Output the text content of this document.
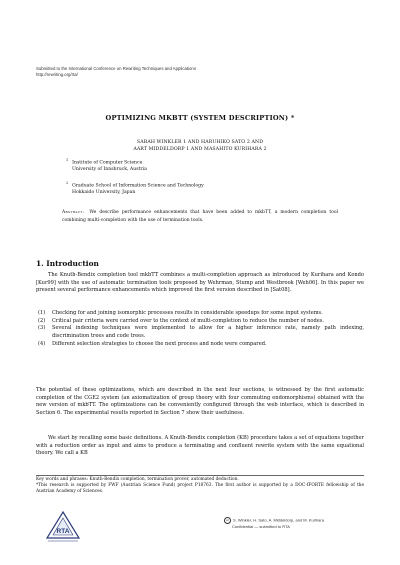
Submitted to the International Conference on Rewriting Techniques and Applications
http://rewriting.org/rta/
OPTIMIZING MKBTT (SYSTEM DESCRIPTION) *
SARAH WINKLER 1 AND HARUHIKO SATO 2 AND
AART MIDDELDORP 1 AND MASAHITO KURIHARA 2
$^1$Institute of Computer Science
University of Innsbruck, Austria
$^2$Graduate School of Information Science and Technology
Hokkaido University, Japan
Abstract. We describe performance enhancements that have been added to mkbTT, a modern completion tool combining multi-completion with the use of termination tools.
1. Introduction
The Knuth-Bendix completion tool mkbTT combines a multi-completion approach as introduced by Kurihara and Kondo [Kur99] with the use of automatic termination tools proposed by Wehrman, Stump and Westbrook [Weh06]. In this paper we present several performance enhancements which improved the first version described in [Sat08].
(1)	Checking for and joining isomorphic processes results in considerable speedups for some input systems.
(2)	Critical pair criteria were carried over to the context of multi-completion to reduce the number of nodes.
(3)	Several indexing techniques were implemented to allow for a higher inference rate, namely path indexing, discrimination trees and code trees.
(4)	Different selection strategies to choose the next process and node were compared.
The potential of these optimizations, which are described in the next four sections, is witnessed by the first automatic completion of the CGE2 system (an axiomatization of group theory with four commuting endomorphisms) obtained with the new version of mkbTT. The optimizations can be conveniently configured through the web interface, which is described in Section 6. The experimental results reported in Section 7 show their usefulness.
We start by recalling some basic definitions. A Knuth-Bendix completion (KB) procedure takes a set of equations together with a reduction order as input and aims to produce a terminating and confluent rewrite system with the same equational theory. We call a KB
Key words and phrases: Knuth-Bendix completion, termination prover, automated deduction.
*This research is supported by FWF (Austrian Science Fund) project P18763. The first author is supported by a DOC-fFORTE fellowship of the Austrian Academy of Sciences.
RTA
cc S. Winkler, H. Sato, A. Middeldorp, and M. Kurihara
Confidential — submitted to RTA
